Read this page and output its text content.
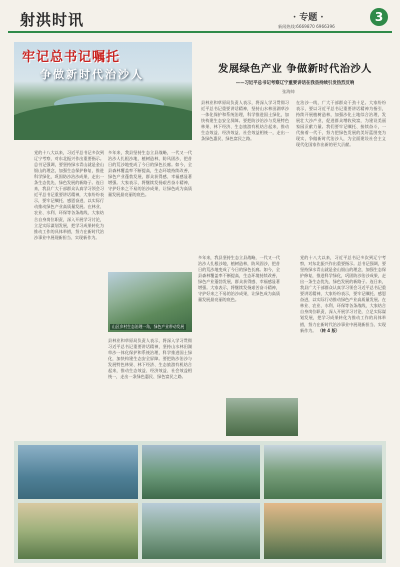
射洪时讯	· 专题 ·	3
新闻热线:6669870 6966396
牢记总书记嘱托
争做新时代治沙人	发展绿色产业 争做新时代治沙人
——习近平总书记考察辽宁重要讲话在我县持续引发热烈反响
张海帅
县林业和草原局负责人表示，将深入学习贯彻习近平总书记重要讲话精神，坚持山水林田湖草沙一体化保护和系统治理，科学推进国土绿化，加快构建生态安全屏障。要把防沙治沙与发展特色林果、林下经济、生态旅游有机结合起来，推动生态效益、经济效益、社会效益相统一，走出一条绿色惠民、绿色富民之路。
在治沙一线，广大干部群众干劲十足。大家纷纷表示，要以习近平总书记重要讲话精神为指引，持续开展植树造林，加强沙化土地综合治理，发展壮大沙产业，促进群众增收致富，为建设美丽家园贡献力量。我们要牢记嘱托、接续奋斗，一代接着一代干，努力把绿色发展的美好蓝图变为现实，争做新时代治沙人，为全面建设社会主义现代化国家作出新的更大贡献。
党的十八大以来，习近平总书记多次到辽宁考察，对东北振兴作出重要指示。总书记强调，要坚持绿水青山就是金山银山的理念，加强生态保护修复，推进科学绿化，巩固防沙治沙成果，走出一条生态优先、绿色发展的新路子。连日来，我县广大干部群众认真学习领会习近平总书记重要讲话精神，大家纷纷表示，要牢记嘱托、感恩奋进，以实际行动推动绿色产业高质量发展。在林业、农业、水利、环保等各条战线，大家结合自身岗位职责，深入开展学习讨论，立足实际谋划发展，把学习成果转化为推动工作的具体举措，努力在新时代治沙事业中展现新担当、实现新作为。
多年来，我县坚持生态立县战略，一代又一代治沙人扎根沙地，植树造林，防风固沙，把昔日的荒沙地变成了今日的绿色长廊。如今，全县森林覆盖率不断提高，生态环境持续改善，绿色产业蓬勃发展，群众获得感、幸福感显著增强。大家表示，将继续发扬艰苦奋斗精神，守护好来之不易的治沙成果，让绿色成为高质量发展最亮丽的底色。
山区乡村生态治理一角，绿色产业带动发展
县林业和草原局负责人表示，将深入学习贯彻习近平总书记重要讲话精神，坚持山水林田湖草沙一体化保护和系统治理，科学推进国土绿化，加快构建生态安全屏障。要把防沙治沙与发展特色林果、林下经济、生态旅游有机结合起来，推动生态效益、经济效益、社会效益相统一，走出一条绿色惠民、绿色富民之路。
多年来，我县坚持生态立县战略，一代又一代治沙人扎根沙地，植树造林，防风固沙，把昔日的荒沙地变成了今日的绿色长廊。如今，全县森林覆盖率不断提高，生态环境持续改善，绿色产业蓬勃发展，群众获得感、幸福感显著增强。大家表示，将继续发扬艰苦奋斗精神，守护好来之不易的治沙成果，让绿色成为高质量发展最亮丽的底色。
党的十八大以来，习近平总书记多次到辽宁考察，对东北振兴作出重要指示。总书记强调，要坚持绿水青山就是金山银山的理念，加强生态保护修复，推进科学绿化，巩固防沙治沙成果，走出一条生态优先、绿色发展的新路子。连日来，我县广大干部群众认真学习领会习近平总书记重要讲话精神，大家纷纷表示，要牢记嘱托、感恩奋进，以实际行动推动绿色产业高质量发展。在林业、农业、水利、环保等各条战线，大家结合自身岗位职责，深入开展学习讨论，立足实际谋划发展，把学习成果转化为推动工作的具体举措，努力在新时代治沙事业中展现新担当、实现新作为。 （转 4 版）
